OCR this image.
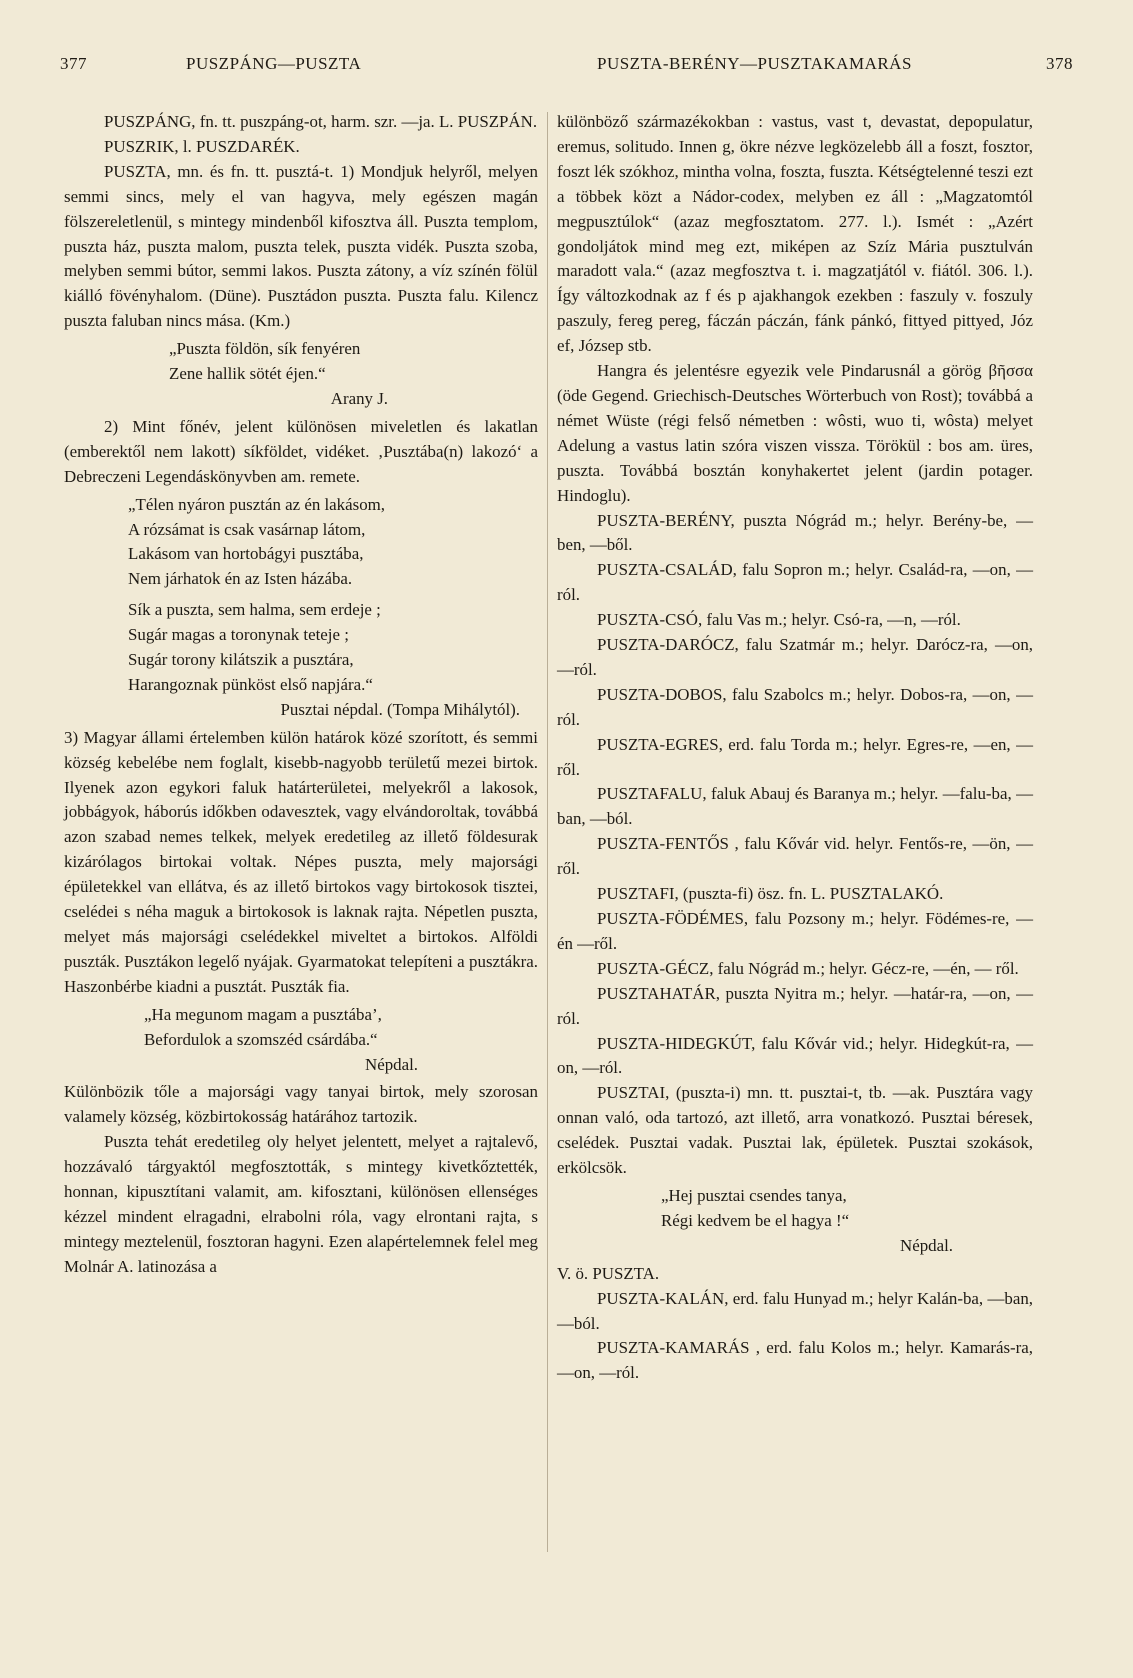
377	PUSZPÁNG—PUSZTA	PUSZTA-BERÉNY—PUSZTAKAMARÁS	378

PUSZPÁNG, fn. tt. puszpáng-ot, harm. szr. —ja. L. PUSZPÁN.

PUSZRIK, l. PUSZDARÉK.

PUSZTA, mn. és fn. tt. pusztá-t. 1) Mondjuk helyről, melyen semmi sincs, mely el van hagyva, mely egészen magán fölszereletlenül, s mintegy mindenből kifosztva áll. Puszta templom, puszta ház, puszta malom, puszta telek, puszta vidék. Puszta szoba, melyben semmi bútor, semmi lakos. Puszta zátony, a víz színén fölül kiálló fövényhalom. (Düne). Pusztádon puszta. Puszta falu. Kilencz puszta faluban nincs mása. (Km.)

„Puszta földön, sík fenyéren

Zene hallik sötét éjen.“

Arany J.

2) Mint főnév, jelent különösen miveletlen és lakatlan (emberektől nem lakott) síkföldet, vidéket. ‚Pusztába(n) lakozó‘ a Debreczeni Legendáskönyvben am. remete.

„Télen nyáron pusztán az én lakásom,

A rózsámat is csak vasárnap látom,

Lakásom van hortobágyi pusztába,

Nem járhatok én az Isten házába.

Sík a puszta, sem halma, sem erdeje ;

Sugár magas a toronynak teteje ;

Sugár torony kilátszik a pusztára,

Harangoznak pünköst első napjára.“

Pusztai népdal. (Tompa Mihálytól).

3) Magyar állami értelemben külön határok közé szorított, és semmi község kebelébe nem foglalt, kisebb-nagyobb területű mezei birtok. Ilyenek azon egykori faluk határterületei, melyekről a lakosok, jobbágyok, háborús időkben odavesztek, vagy elvándoroltak, továbbá azon szabad nemes telkek, melyek eredetileg az illető földesurak kizárólagos birtokai voltak. Népes puszta, mely majorsági épületekkel van ellátva, és az illető birtokos vagy birtokosok tisztei, cselédei s néha maguk a birtokosok is laknak rajta. Népetlen puszta, melyet más majorsági cselédekkel miveltet a birtokos. Alföldi puszták. Pusztákon legelő nyájak. Gyarmatokat telepíteni a pusztákra. Haszonbérbe kiadni a pusztát. Puszták fia.

„Ha megunom magam a pusztába’,

Befordulok a szomszéd csárdába.“

Népdal.

Különbözik tőle a majorsági vagy tanyai birtok, mely szorosan valamely község, közbirtokosság határához tartozik.

Puszta tehát eredetileg oly helyet jelentett, melyet a rajtalevő, hozzávaló tárgyaktól megfosztották, s mintegy kivetkőztették, honnan, kipusztítani valamit, am. kifosztani, különösen ellenséges kézzel mindent elragadni, elrabolni róla, vagy elrontani rajta, s mintegy meztelenül, fosztoran hagyni. Ezen alapértelemnek felel meg Molnár A. latinozása a

különböző származékokban : vastus, vast t, devastat, depopulatur, eremus, solitudo. Innen g, ökre nézve legközelebb áll a foszt, fosztor, foszt lék szókhoz, mintha volna, foszta, fuszta. Kétségtelenné teszi ezt a többek közt a Nádor-codex, melyben ez áll : „Magzatomtól megpusztúlok“ (azaz megfosztatom. 277. l.). Ismét : „Azért gondoljátok mind meg ezt, miképen az Szíz Mária pusztulván maradott vala.“ (azaz megfosztva t. i. magzatjától v. fiától. 306. l.). Így változkodnak az f és p ajakhangok ezekben : faszuly v. foszuly paszuly, fereg pereg, fáczán páczán, fánk pánkó, fittyed pittyed, Józ ef, Józsep stb.

Hangra és jelentésre egyezik vele Pindarusnál a görög βῆσσα (öde Gegend. Griechisch-Deutsches Wörterbuch von Rost); továbbá a német Wüste (régi felső németben : wôsti, wuo ti, wôsta) melyet Adelung a vastus latin szóra viszen vissza. Törökül : bos am. üres, puszta. Továbbá bosztán konyhakertet jelent (jardin potager. Hindoglu).

PUSZTA-BERÉNY, puszta Nógrád m.; helyr. Berény-be, —ben, —ből.

PUSZTA-CSALÁD, falu Sopron m.; helyr. Család-ra, —on, —ról.

PUSZTA-CSÓ, falu Vas m.; helyr. Csó-ra, —n, —ról.

PUSZTA-DARÓCZ, falu Szatmár m.; helyr. Darócz-ra, —on, —ról.

PUSZTA-DOBOS, falu Szabolcs m.; helyr. Dobos-ra, —on, —ról.

PUSZTA-EGRES, erd. falu Torda m.; helyr. Egres-re, —en, — ről.

PUSZTAFALU, faluk Abauj és Baranya m.; helyr. —falu-ba, —ban, —ból.

PUSZTA-FENTŐS , falu Kővár vid. helyr. Fentős-re, —ön, — ről.

PUSZTAFI, (puszta-fi) ösz. fn. L. PUSZTALAKÓ.

PUSZTA-FÖDÉMES, falu Pozsony m.; helyr. Födémes-re, —én —ről.

PUSZTA-GÉCZ, falu Nógrád m.; helyr. Gécz-re, —én, — ről.

PUSZTAHATÁR, puszta Nyitra m.; helyr. —határ-ra, —on, —ról.

PUSZTA-HIDEGKÚT, falu Kővár vid.; helyr. Hidegkút-ra, — on, —ról.

PUSZTAI, (puszta-i) mn. tt. pusztai-t, tb. —ak. Pusztára vagy onnan való, oda tartozó, azt illető, arra vonatkozó. Pusztai béresek, cselédek. Pusztai vadak. Pusztai lak, épületek. Pusztai szokások, erkölcsök.

„Hej pusztai csendes tanya,

Régi kedvem be el hagya !“

Népdal.

V. ö. PUSZTA.

PUSZTA-KALÁN, erd. falu Hunyad m.; helyr Kalán-ba, —ban, —ból.

PUSZTA-KAMARÁS , erd. falu Kolos m.; helyr. Kamarás-ra, —on, —ról.
